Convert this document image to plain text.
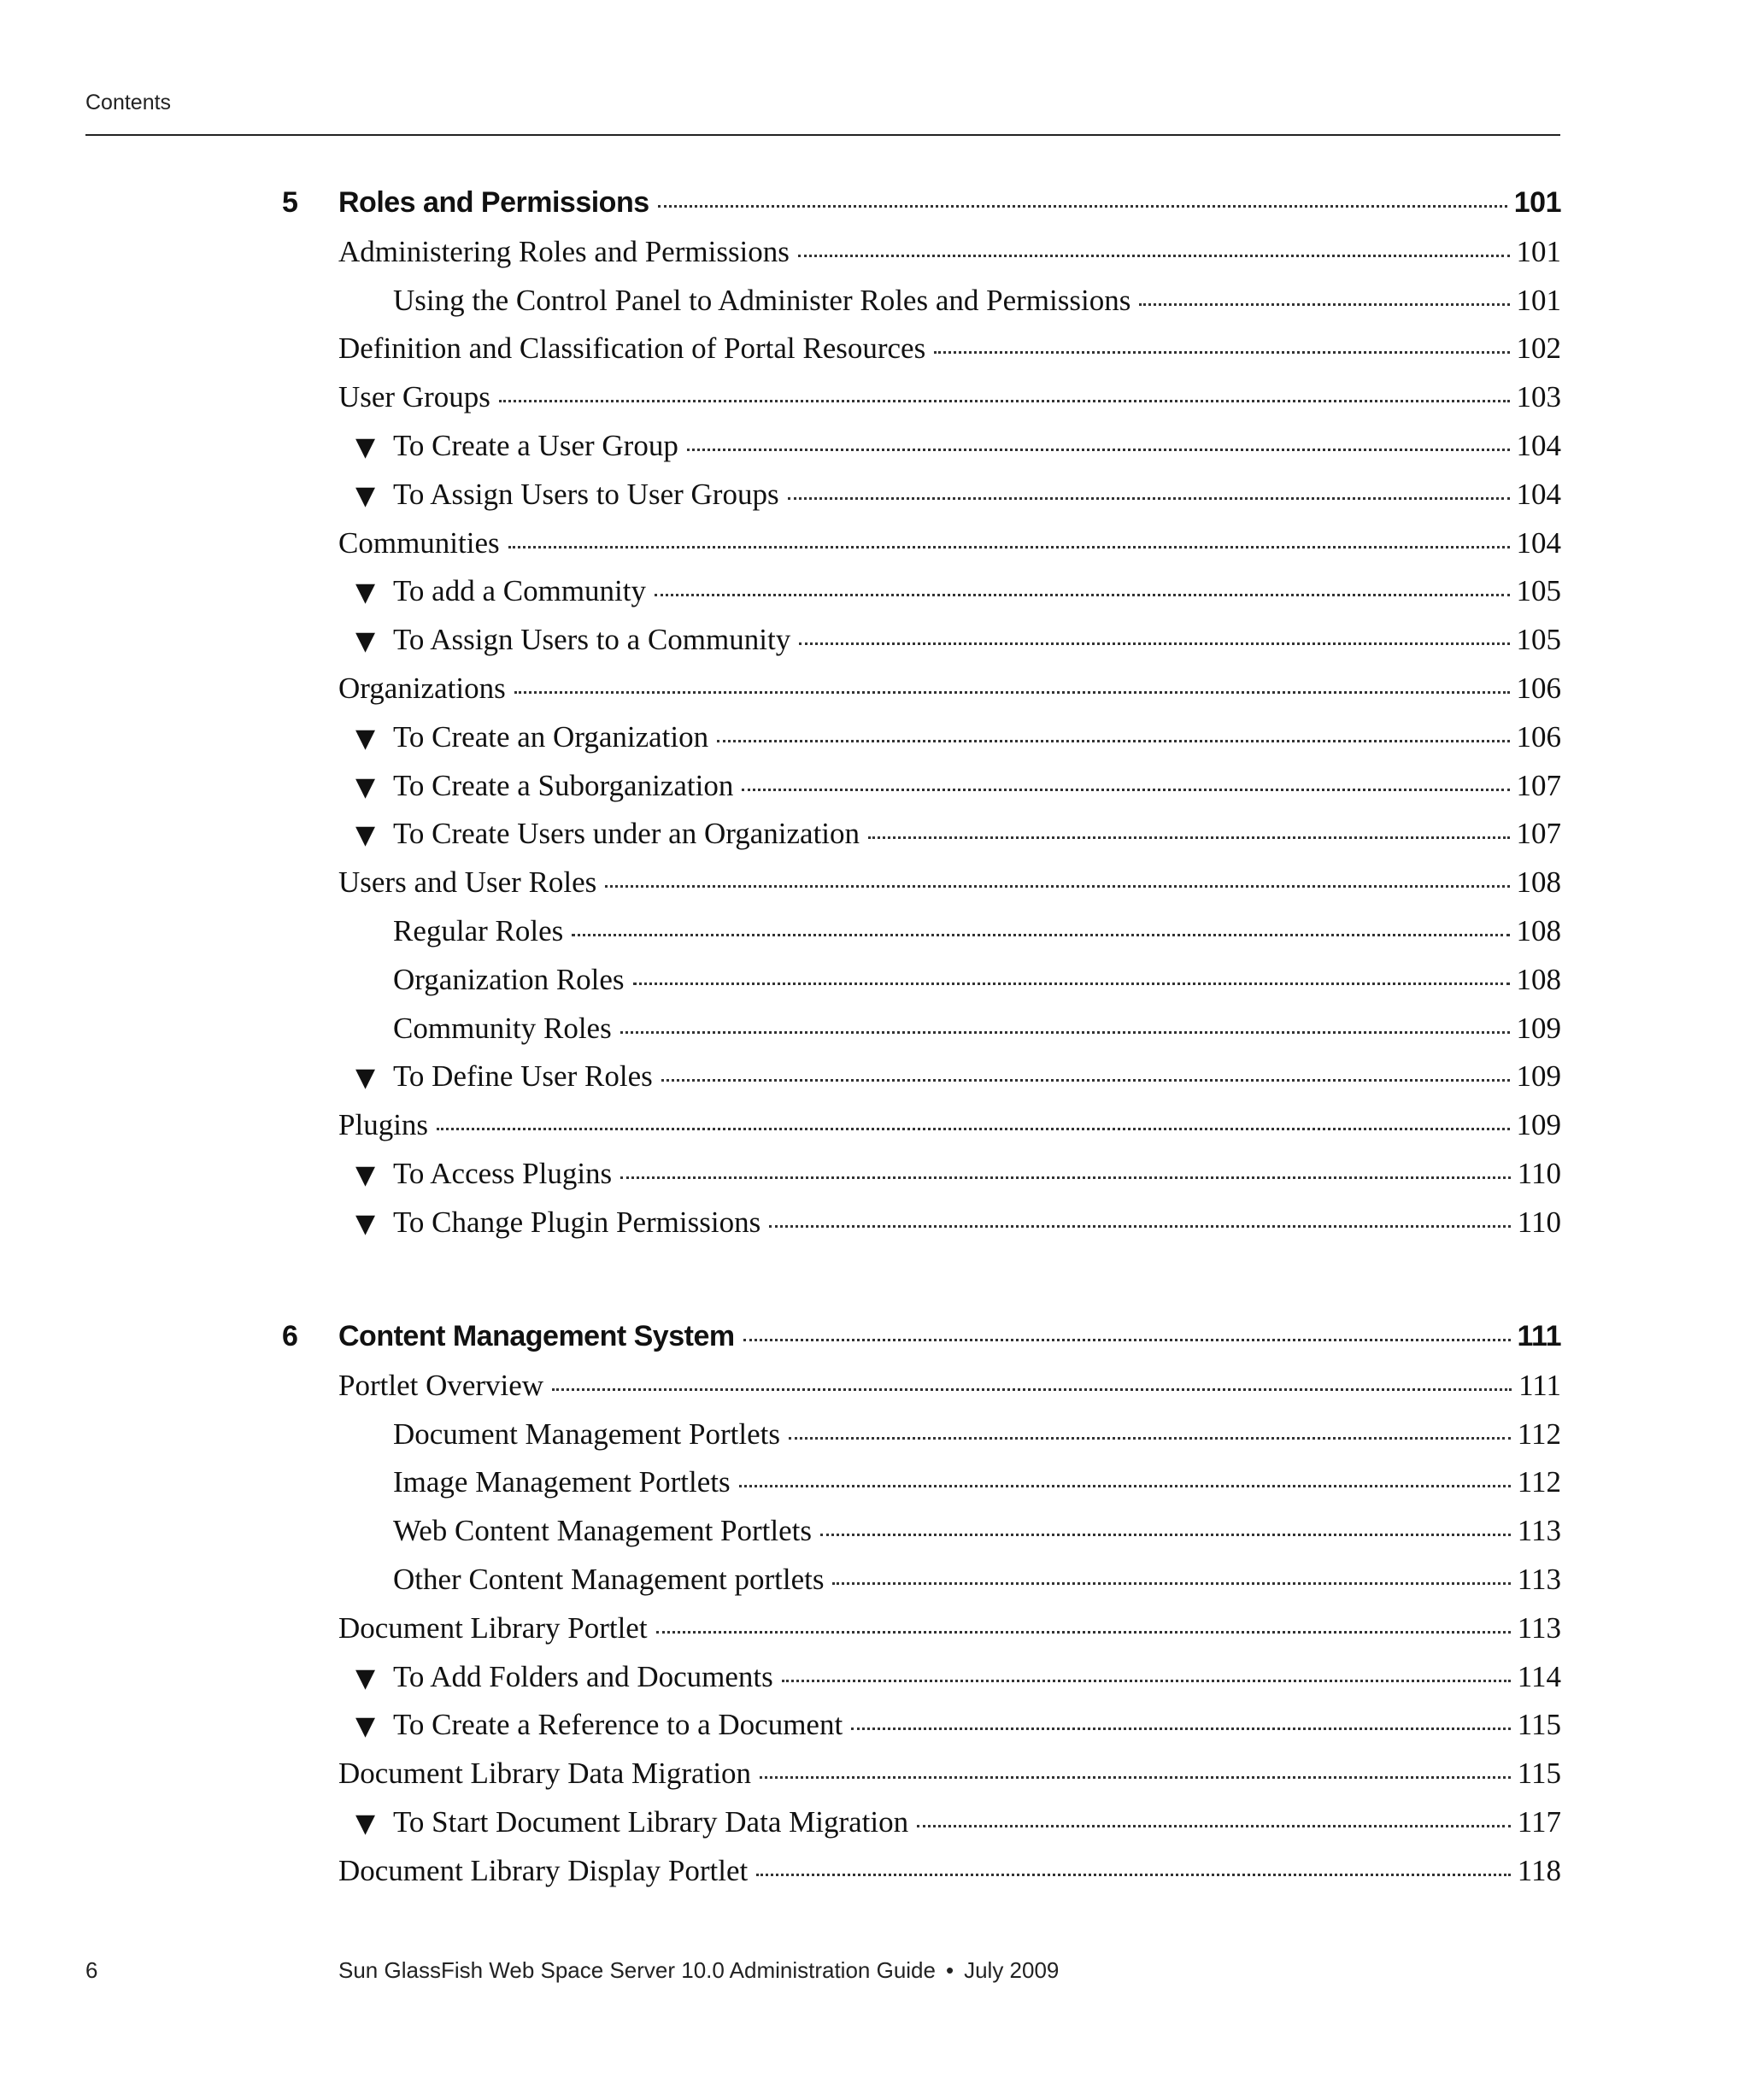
Contents
5	Roles and Permissions	101
Administering Roles and Permissions	101
Using the Control Panel to Administer Roles and Permissions	101
Definition and Classification of Portal Resources	102
User Groups	103
▼ To Create a User Group	104
▼ To Assign Users to User Groups	104
Communities	104
▼ To add a Community	105
▼ To Assign Users to a Community	105
Organizations	106
▼ To Create an Organization	106
▼ To Create a Suborganization	107
▼ To Create Users under an Organization	107
Users and User Roles	108
Regular Roles	108
Organization Roles	108
Community Roles	109
▼ To Define User Roles	109
Plugins	109
▼ To Access Plugins	110
▼ To Change Plugin Permissions	110
6	Content Management System	111
Portlet Overview	111
Document Management Portlets	112
Image Management Portlets	112
Web Content Management Portlets	113
Other Content Management portlets	113
Document Library Portlet	113
▼ To Add Folders and Documents	114
▼ To Create a Reference to a Document	115
Document Library Data Migration	115
▼ To Start Document Library Data Migration	117
Document Library Display Portlet	118
6	Sun GlassFish Web Space Server 10.0 Administration Guide • July 2009
